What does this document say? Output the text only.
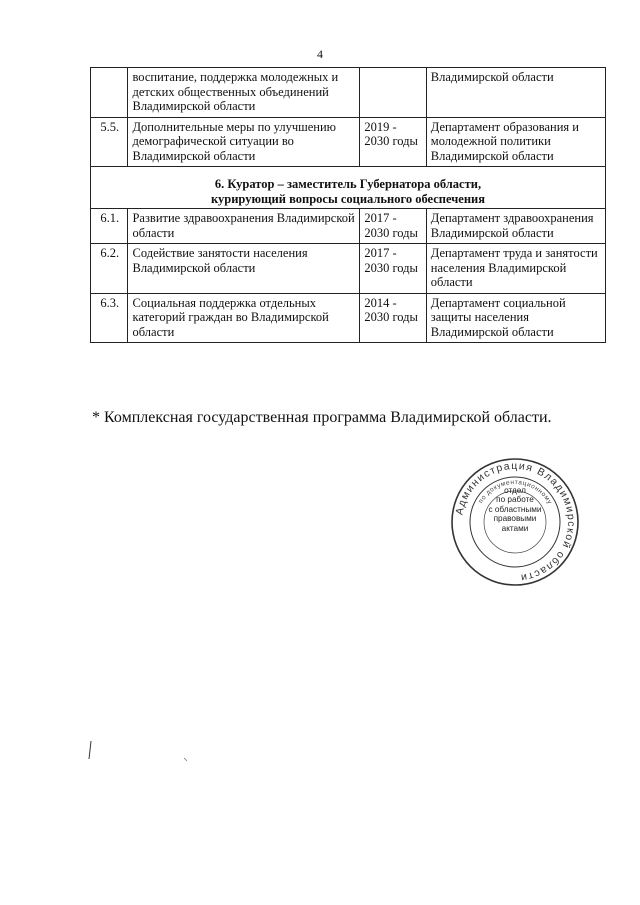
4
	воспитание, поддержка молодежных и детских общественных объединений Владимирской области		Владимирской области
5.5.	Дополнительные меры по улучшению демографической ситуации во Владимирской области	2019 - 2030 годы	Департамент образования и молодежной политики Владимирской области

6. Куратор – заместитель Губернатора области,
курирующий вопросы социального обеспечения			

6.1.	Развитие здравоохранения Владимирской области	2017 - 2030 годы	Департамент здравоохранения Владимирской области
6.2.	Содействие занятости населения Владимирской области	2017 - 2030 годы	Департамент труда и занятости населения Владимирской области
6.3.	Социальная поддержка отдельных категорий граждан во Владимирской области	2014 - 2030 годы	Департамент социальной защиты населения Владимирской области
* Комплексная государственная программа Владимирской области.
Администрация Владимирской области
по документационному
отдел
по работе
с областными
правовыми
актами
